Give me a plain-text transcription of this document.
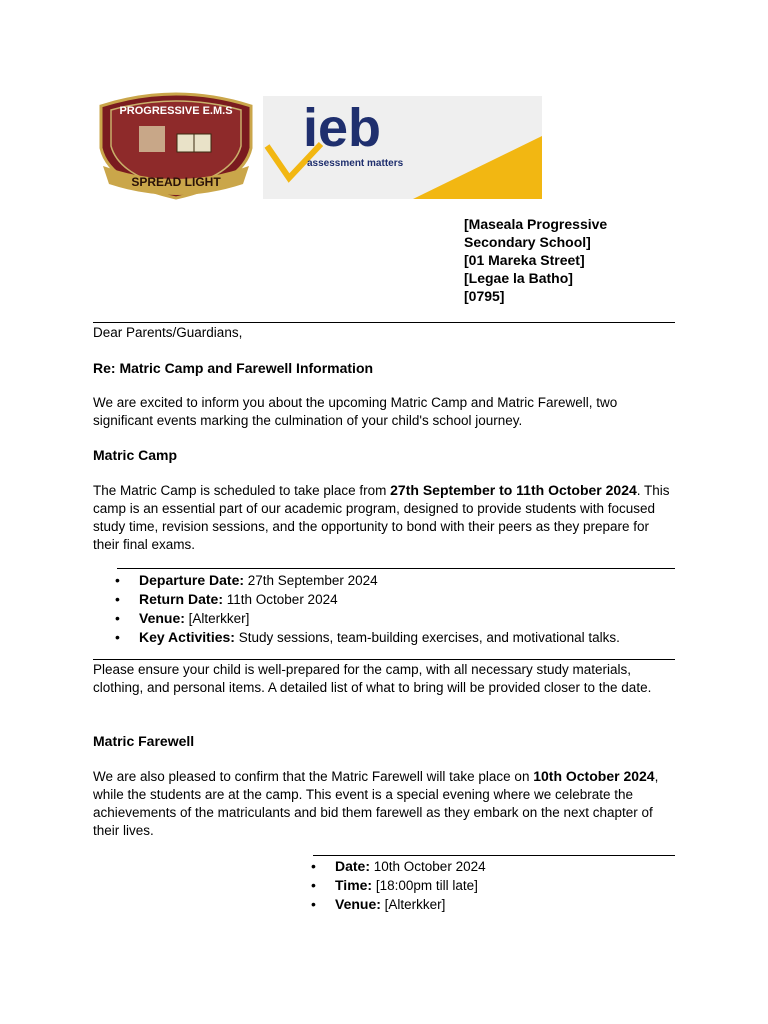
PROGRESSIVE E.M.S
SPREAD LIGHT
ieb
assessment matters
[Maseala Progressive Secondary School]
[01 Mareka Street]
[Legae la Batho]
[0795]
Dear Parents/Guardians,
Re: Matric Camp and Farewell Information
We are excited to inform you about the upcoming Matric Camp and Matric Farewell, two significant events marking the culmination of your child's school journey.
Matric Camp
The Matric Camp is scheduled to take place from 27th September to 11th October 2024. This camp is an essential part of our academic program, designed to provide students with focused study time, revision sessions, and the opportunity to bond with their peers as they prepare for their final exams.
• Departure Date: 27th September 2024
• Return Date: 11th October 2024
• Venue: [Alterkker]
• Key Activities: Study sessions, team-building exercises, and motivational talks.
Please ensure your child is well-prepared for the camp, with all necessary study materials, clothing, and personal items. A detailed list of what to bring will be provided closer to the date.
Matric Farewell
We are also pleased to confirm that the Matric Farewell will take place on 10th October 2024, while the students are at the camp. This event is a special evening where we celebrate the achievements of the matriculants and bid them farewell as they embark on the next chapter of their lives.
• Date: 10th October 2024
• Time: [18:00pm till late]
• Venue: [Alterkker]
